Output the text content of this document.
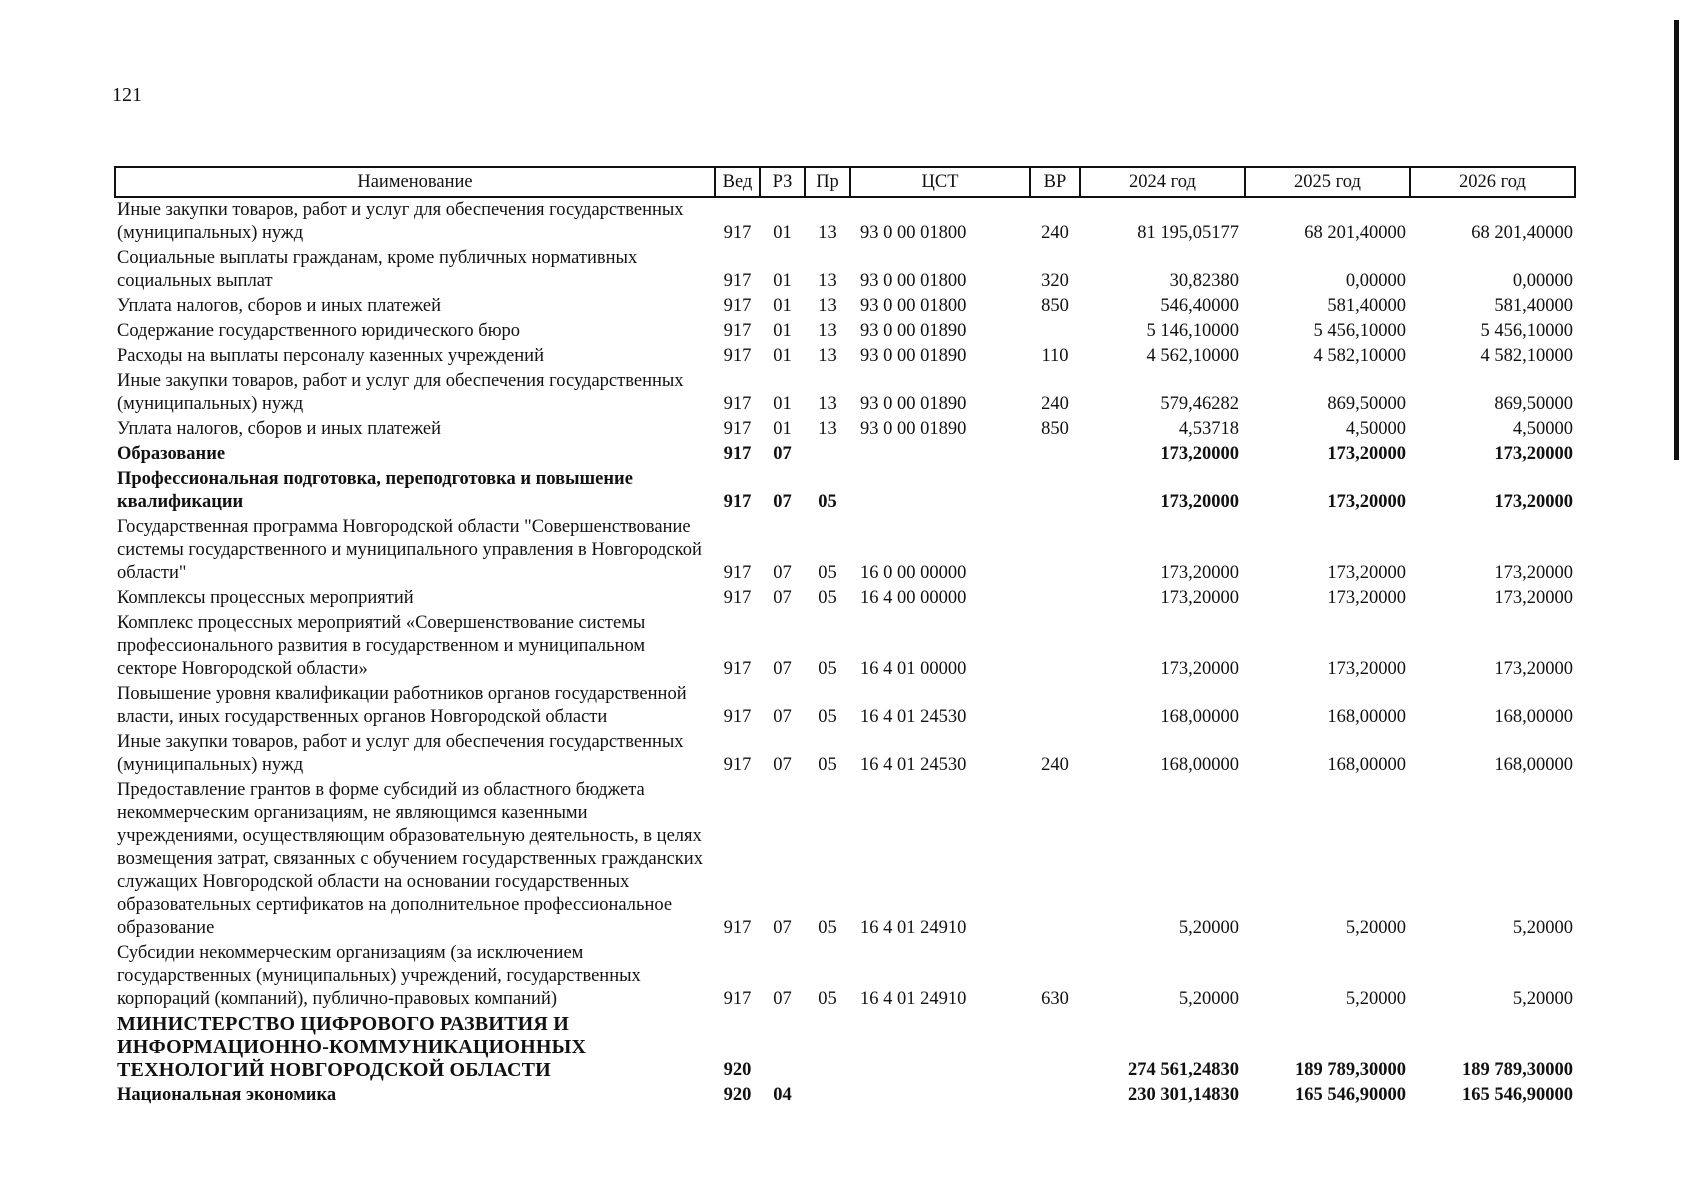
121
Наименование	Вед	РЗ	Пр	ЦСТ	ВР	2024 год	2025 год	2026 год
Иные закупки товаров, работ и услуг для обеспечения государственных (муниципальных) нужд	917	01	13	93 0 00 01800	240	81 195,05177	68 201,40000	68 201,40000
Социальные выплаты гражданам, кроме публичных нормативных социальных выплат	917	01	13	93 0 00 01800	320	30,82380	0,00000	0,00000
Уплата налогов, сборов и иных платежей	917	01	13	93 0 00 01800	850	546,40000	581,40000	581,40000
Содержание государственного юридического бюро	917	01	13	93 0 00 01890		5 146,10000	5 456,10000	5 456,10000
Расходы на выплаты персоналу казенных учреждений	917	01	13	93 0 00 01890	110	4 562,10000	4 582,10000	4 582,10000
Иные закупки товаров, работ и услуг для обеспечения государственных (муниципальных) нужд	917	01	13	93 0 00 01890	240	579,46282	869,50000	869,50000
Уплата налогов, сборов и иных платежей	917	01	13	93 0 00 01890	850	4,53718	4,50000	4,50000
Образование	917	07				173,20000	173,20000	173,20000
Профессиональная подготовка, переподготовка и повышение квалификации	917	07	05			173,20000	173,20000	173,20000
Государственная программа Новгородской области "Совершенствование системы государственного и муниципального управления в Новгородской области"	917	07	05	16 0 00 00000		173,20000	173,20000	173,20000
Комплексы процессных мероприятий	917	07	05	16 4 00 00000		173,20000	173,20000	173,20000
Комплекс процессных мероприятий «Совершенствование системы профессионального развития в государственном и муниципальном секторе Новгородской области»	917	07	05	16 4 01 00000		173,20000	173,20000	173,20000
Повышение уровня квалификации работников органов государственной власти, иных государственных органов Новгородской области	917	07	05	16 4 01 24530		168,00000	168,00000	168,00000
Иные закупки товаров, работ и услуг для обеспечения государственных (муниципальных) нужд	917	07	05	16 4 01 24530	240	168,00000	168,00000	168,00000
Предоставление грантов в форме субсидий из областного бюджета некоммерческим организациям, не являющимся казенными учреждениями, осуществляющим образовательную деятельность, в целях возмещения затрат, связанных с обучением государственных гражданских служащих Новгородской области на основании государственных образовательных сертификатов на дополнительное профессиональное образование	917	07	05	16 4 01 24910		5,20000	5,20000	5,20000
Субсидии некоммерческим организациям (за исключением государственных (муниципальных) учреждений, государственных корпораций (компаний), публично-правовых компаний)	917	07	05	16 4 01 24910	630	5,20000	5,20000	5,20000
МИНИСТЕРСТВО ЦИФРОВОГО РАЗВИТИЯ И ИНФОРМАЦИОННО-КОММУНИКАЦИОННЫХ ТЕХНОЛОГИЙ НОВГОРОДСКОЙ ОБЛАСТИ	920					274 561,24830	189 789,30000	189 789,30000
Национальная экономика	920	04				230 301,14830	165 546,90000	165 546,90000
